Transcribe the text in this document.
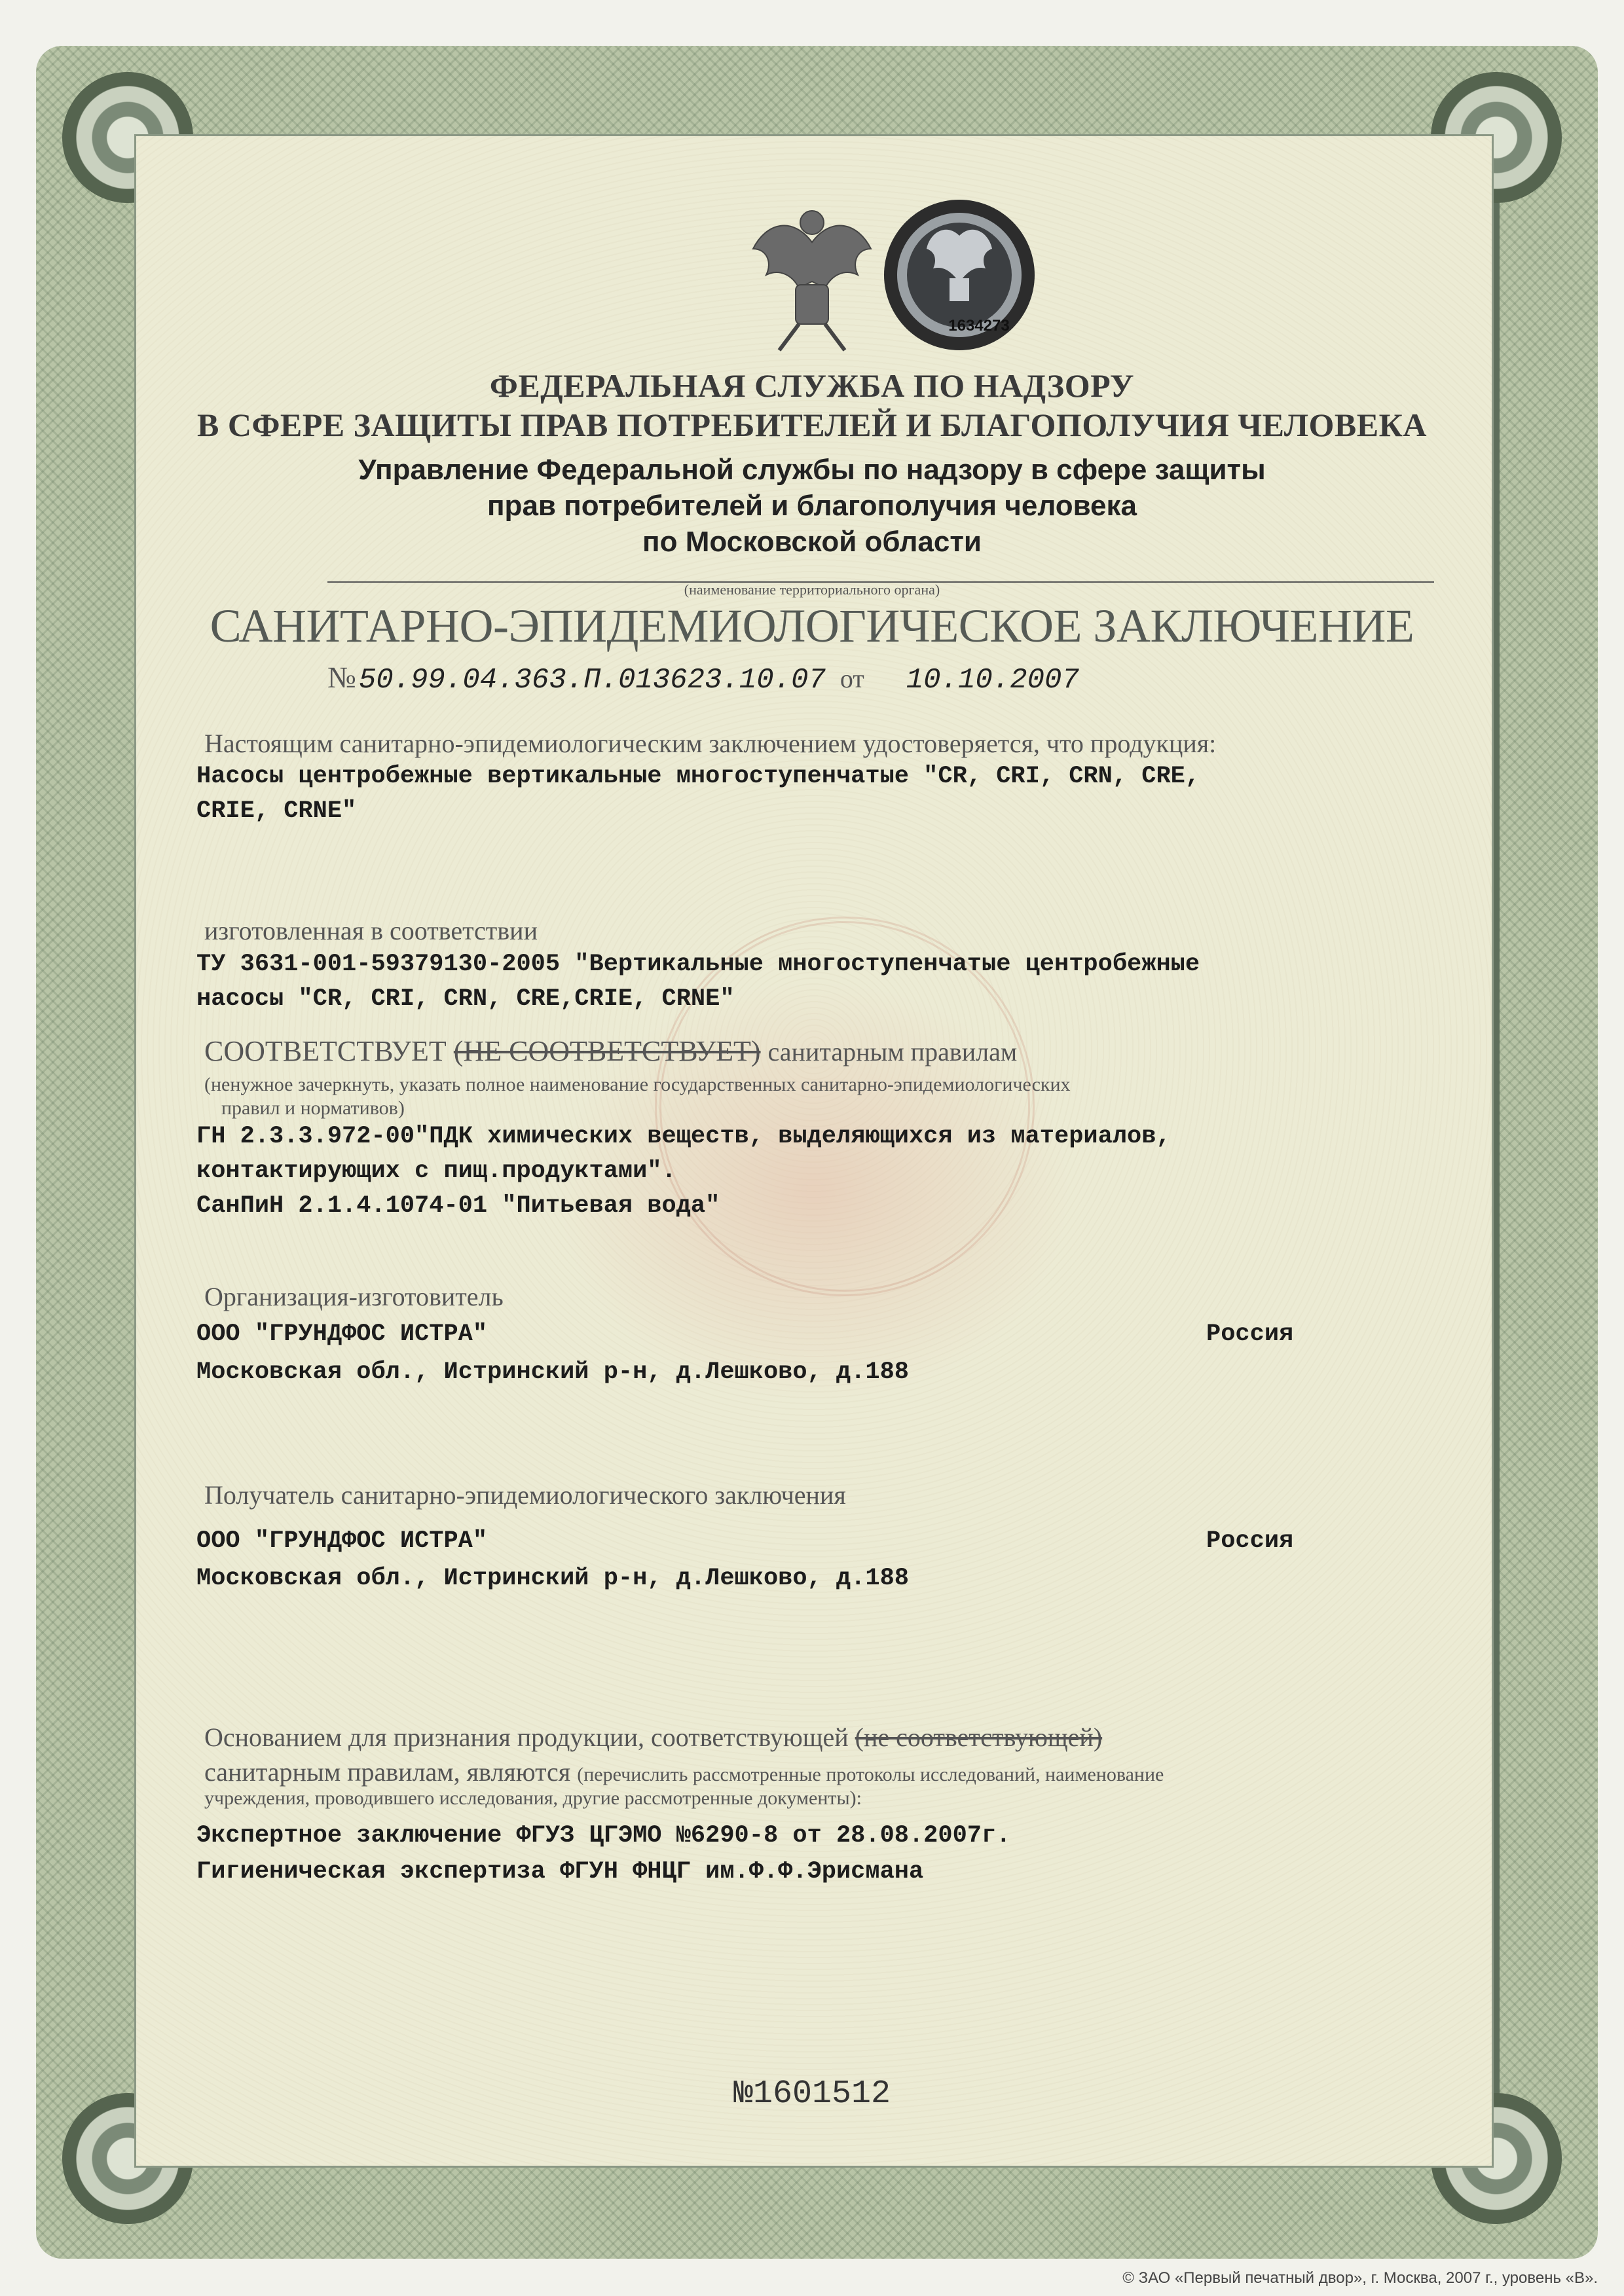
1634273
ФЕДЕРАЛЬНАЯ СЛУЖБА ПО НАДЗОРУ
В СФЕРЕ ЗАЩИТЫ ПРАВ ПОТРЕБИТЕЛЕЙ И БЛАГОПОЛУЧИЯ ЧЕЛОВЕКА
Управление Федеральной службы по надзору в сфере защиты
прав потребителей и благополучия человека
по Московской области
(наименование территориального органа)
САНИТАРНО-ЭПИДЕМИОЛОГИЧЕСКОЕ ЗАКЛЮЧЕНИЕ
№ 50.99.04.363.П.013623.10.07 от 10.10.2007
Настоящим санитарно-эпидемиологическим заключением удостоверяется, что продукция:
Насосы центробежные вертикальные многоступенчатые "CR, CRI, CRN, CRE,
CRIE, CRNE"
изготовленная в соответствии
ТУ 3631-001-59379130-2005 "Вертикальные многоступенчатые центробежные
насосы "CR, CRI, CRN, CRE,CRIE, CRNE"
СООТВЕТСТВУЕТ (НЕ СООТВЕТСТВУЕТ) санитарным правилам
(ненужное зачеркнуть, указать полное наименование государственных санитарно-эпидемиологических
правил и нормативов)
ГН 2.3.3.972-00"ПДК химических веществ, выделяющихся из материалов,
контактирующих с пищ.продуктами".
СанПиН 2.1.4.1074-01 "Питьевая вода"
Организация-изготовитель
ООО "ГРУНДФОС ИСТРА"	Россия
Московская обл., Истринский р-н, д.Лешково, д.188
Получатель санитарно-эпидемиологического заключения
ООО "ГРУНДФОС ИСТРА"	Россия
Московская обл., Истринский р-н, д.Лешково, д.188
Основанием для признания продукции, соответствующей (не соответствующей)
санитарным правилам, являются (перечислить рассмотренные протоколы исследований, наименование
учреждения, проводившего исследования, другие рассмотренные документы):
Экспертное заключение ФГУЗ ЦГЭМО №6290-8 от 28.08.2007г.
Гигиеническая экспертиза ФГУН ФНЦГ им.Ф.Ф.Эрисмана
№1601512
© ЗАО «Первый печатный двор», г. Москва, 2007 г., уровень «В».
